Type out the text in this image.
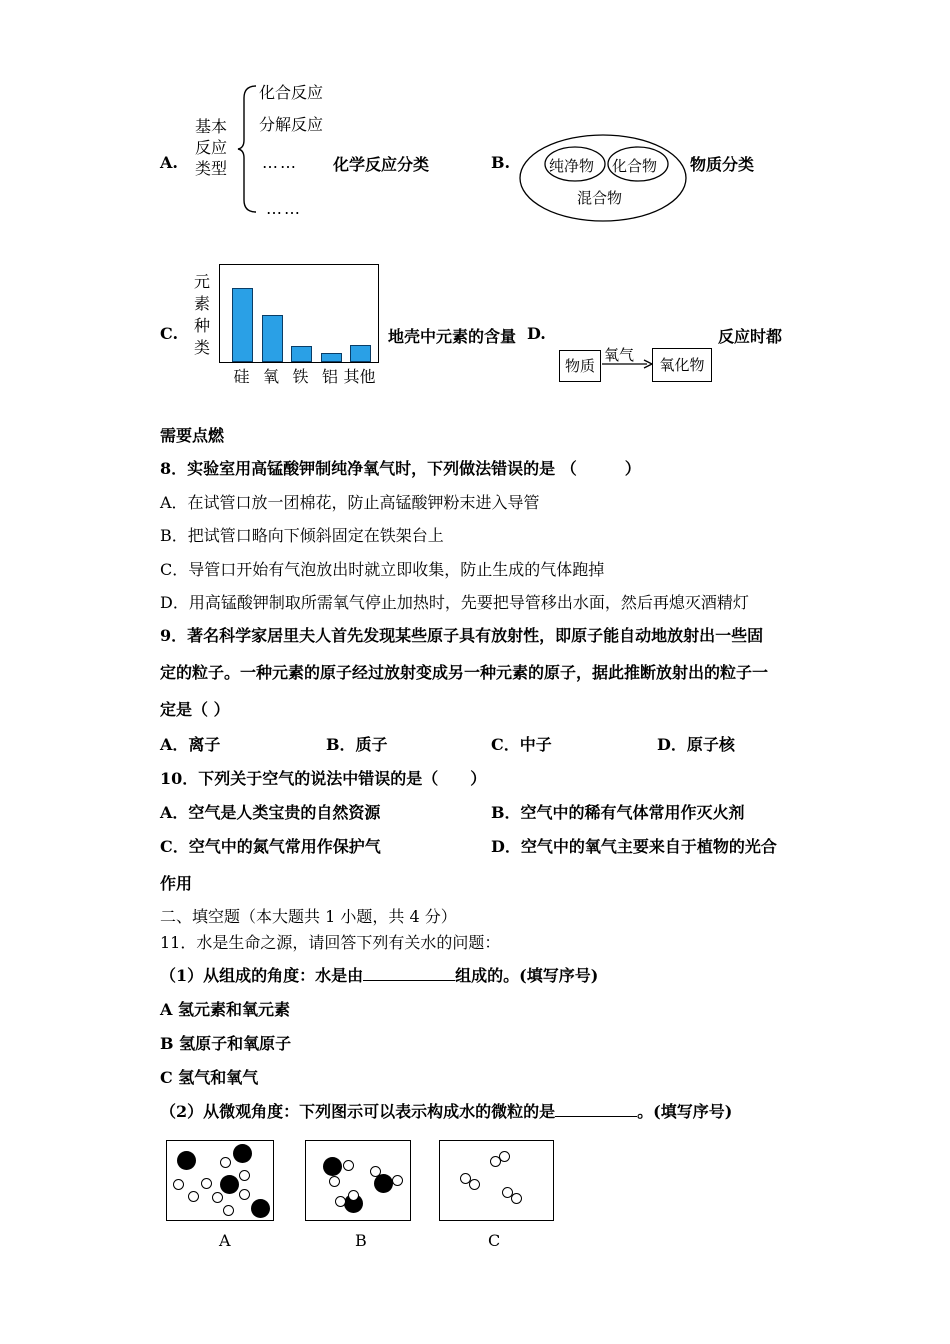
A.
基本
反应
类型
化合反应
分解反应
……
……
化学反应分类	B.	纯净物 化合物
混合物
物质分类
C.
元素种类
硅 氧 铁 铝 其他
地壳中元素的含量 D.
物质
氧气
氧化物
反应时都
需要点燃
8．实验室用高锰酸钾制纯净氧气时，下列做法错误的是 （　　　）
A．在试管口放一团棉花，防止高锰酸钾粉末进入导管
B．把试管口略向下倾斜固定在铁架台上
C．导管口开始有气泡放出时就立即收集，防止生成的气体跑掉
D．用高锰酸钾制取所需氧气停止加热时，先要把导管移出水面，然后再熄灭酒精灯
9．著名科学家居里夫人首先发现某些原子具有放射性，即原子能自动地放射出一些固
定的粒子。一种元素的原子经过放射变成另一种元素的原子，据此推断放射出的粒子一
定是（ ）
A．离子	B．质子	C．中子	D．原子核
10．下列关于空气的说法中错误的是（　　）
A．空气是人类宝贵的自然资源	B．空气中的稀有气体常用作灭火剂
C．空气中的氮气常用作保护气	D．空气中的氧气主要来自于植物的光合
作用
二、填空题（本大题共 1 小题，共 4 分）
11．水是生命之源，请回答下列有关水的问题：
（1）从组成的角度：水是由	组成的。(填写序号)
A 氢元素和氧元素
B 氢原子和氧原子
C 氢气和氧气
（2）从微观角度：下列图示可以表示构成水的微粒的是	。(填写序号)
A	B	C
